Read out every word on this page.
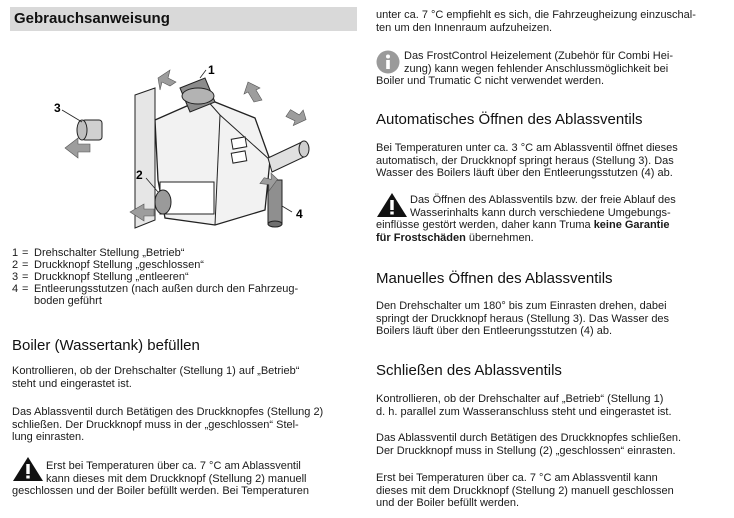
Gebrauchsanweisung
1
3
2
4
1 = Drehschalter Stellung „Betrieb“
2 = Druckknopf Stellung „geschlossen“
3 = Druckknopf Stellung „entleeren“
4 = Entleerungsstutzen (nach außen durch den Fahrzeug-
boden geführt
Boiler (Wassertank) befüllen

Kontrollieren, ob der Drehschalter (Stellung 1) auf „Betrieb“
steht und eingerastet ist.

Das Ablassventil durch Betätigen des Druckknopfes (Stellung 2)
schließen. Der Druckknopf muss in der „geschlossen“ Stel-
lung einrasten.

Erst bei Temperaturen über ca. 7 °C am Ablassventil
kann dieses mit dem Druckknopf (Stellung 2) manuell
geschlossen und der Boiler befüllt werden. Bei Temperaturen

unter ca. 7 °C empfiehlt es sich, die Fahrzeugheizung einzuschal-
ten um den Innenraum aufzuheizen.

Das FrostControl Heizelement (Zubehör für Combi Hei-
zung) kann wegen fehlender Anschlussmöglichkeit bei
Boiler und Trumatic C nicht verwendet werden.

Automatisches Öffnen des Ablassventils

Bei Temperaturen unter ca. 3 °C am Ablassventil öffnet dieses
automatisch, der Druckknopf springt heraus (Stellung 3). Das
Wasser des Boilers läuft über den Entleerungsstutzen (4) ab.

Das Öffnen des Ablassventils bzw. der freie Ablauf des
Wasserinhalts kann durch verschiedene Umgebungs-
einflüsse gestört werden, daher kann Truma keine Garantie
für Frostschäden übernehmen.

Manuelles Öffnen des Ablassventils

Den Drehschalter um 180° bis zum Einrasten drehen, dabei
springt der Druckknopf heraus (Stellung 3). Das Wasser des
Boilers läuft über den Entleerungsstutzen (4) ab.

Schließen des Ablassventils

Kontrollieren, ob der Drehschalter auf „Betrieb“ (Stellung 1)
d. h. parallel zum Wasseranschluss steht und eingerastet ist.

Das Ablassventil durch Betätigen des Druckknopfes schließen.
Der Druckknopf muss in Stellung (2) „geschlossen“ einrasten.

Erst bei Temperaturen über ca. 7 °C am Ablassventil kann
dieses mit dem Druckknopf (Stellung 2) manuell geschlossen
und der Boiler befüllt werden.
